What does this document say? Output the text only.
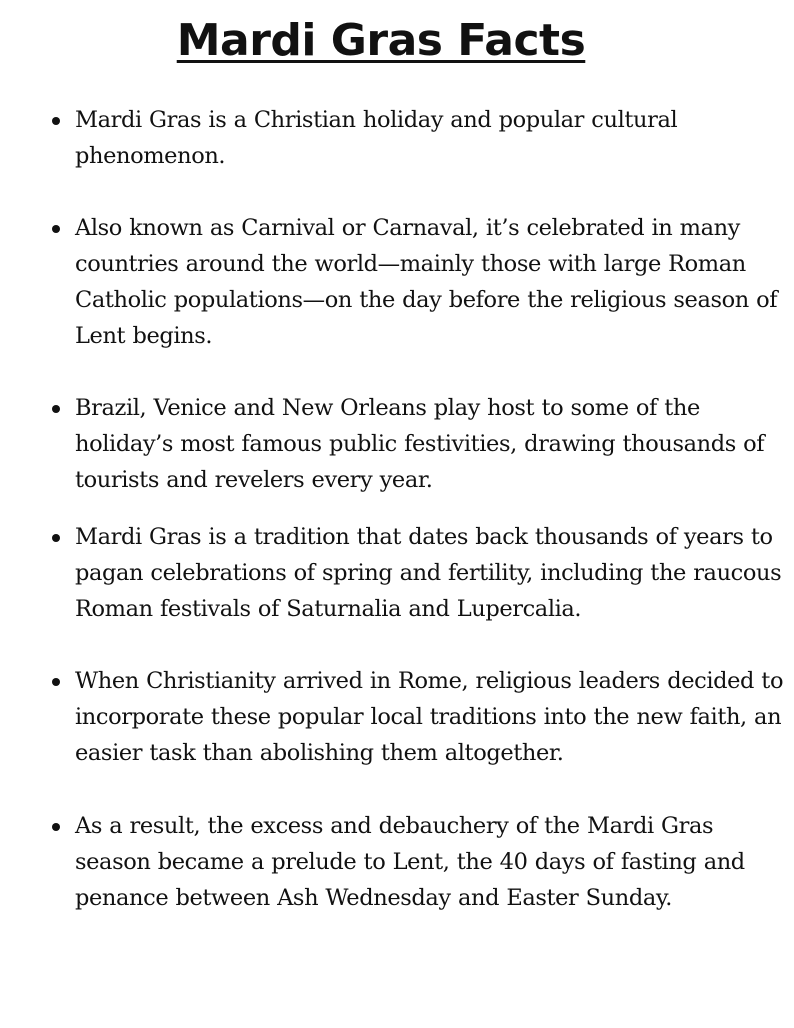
Mardi Gras Facts
Mardi Gras is a Christian holiday and popular cultural phenomenon.
Also known as Carnival or Carnaval, it’s celebrated in many countries around the world—mainly those with large Roman Catholic populations—on the day before the religious season of Lent begins.
Brazil, Venice and New Orleans play host to some of the holiday’s most famous public festivities, drawing thousands of tourists and revelers every year.
Mardi Gras is a tradition that dates back thousands of years to pagan celebrations of spring and fertility, including the raucous Roman festivals of Saturnalia and Lupercalia.
When Christianity arrived in Rome, religious leaders decided to incorporate these popular local traditions into the new faith, an easier task than abolishing them altogether.
As a result, the excess and debauchery of the Mardi Gras season became a prelude to Lent, the 40 days of fasting and penance between Ash Wednesday and Easter Sunday.
